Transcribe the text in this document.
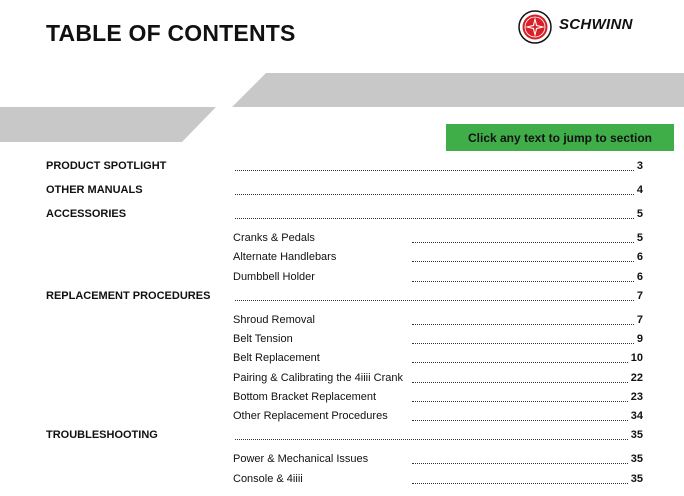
TABLE OF CONTENTS	SCHWINN
Click any text to jump to section
PRODUCT SPOTLIGHT	3
OTHER MANUALS	4
ACCESSORIES	5
Cranks & Pedals	5
Alternate Handlebars	6
Dumbbell Holder	6
REPLACEMENT PROCEDURES	7
Shroud Removal	7
Belt Tension	9
Belt Replacement	10
Pairing & Calibrating the 4iiii Crank	22
Bottom Bracket Replacement	23
Other Replacement Procedures	34
TROUBLESHOOTING	35
Power & Mechanical Issues	35
Console & 4iiii	35
